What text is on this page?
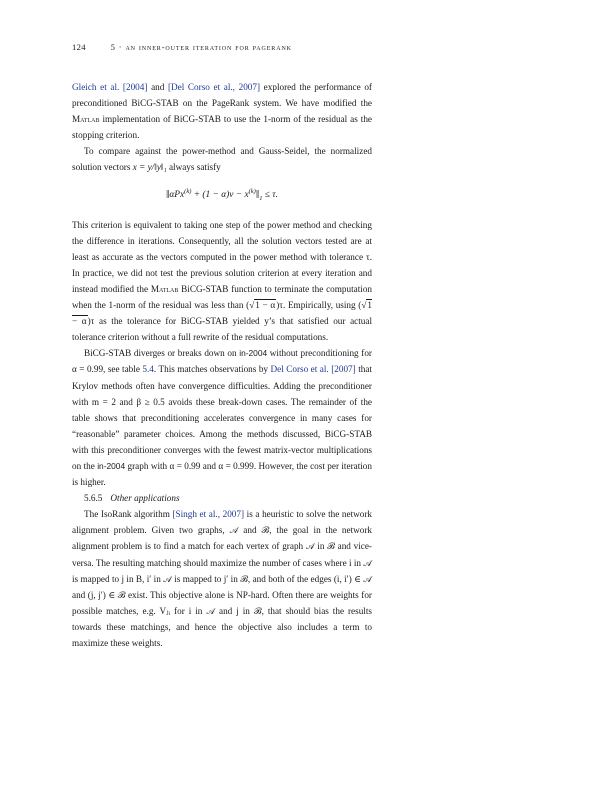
124	5 · an inner-outer iteration for pagerank

Gleich et al. [2004] and [Del Corso et al., 2007] explored the performance of preconditioned BiCG-STAB on the PageRank system. We have modified the Matlab implementation of BiCG-STAB to use the 1-norm of the residual as the stopping criterion.

To compare against the power-method and Gauss-Seidel, the normalized solution vectors x = y/‖y‖₁ always satisfy

‖αPx$^{(k)}$ + $(1 - \alpha)v - x^{(k)}‖_1 \le \tau$.

This criterion is equivalent to taking one step of the power method and checking the difference in iterations. Consequently, all the solution vectors tested are at least as accurate as the vectors computed in the power method with tolerance τ. In practice, we did not test the previous solution criterion at every iteration and instead modified the Matlab BiCG-STAB function to terminate the computation when the 1-norm of the residual was less than (√1 − α)τ. Empirically, using (√1 − α)τ as the tolerance for BiCG-STAB yielded y’s that satisfied our actual tolerance criterion without a full rewrite of the residual computations.

BiCG-STAB diverges or breaks down on in-2004 without preconditioning for α = 0.99, see table 5.4. This matches observations by Del Corso et al. [2007] that Krylov methods often have convergence difficulties. Adding the preconditioner with m = 2 and β ≥ 0.5 avoids these break-down cases. The remainder of the table shows that preconditioning accelerates convergence in many cases for “reasonable” parameter choices. Among the methods discussed, BiCG-STAB with this preconditioner converges with the fewest matrix-vector multiplications on the in-2004 graph with α = 0.99 and α = 0.999. However, the cost per iteration is higher.

5.6.5 Other applications

The IsoRank algorithm [Singh et al., 2007] is a heuristic to solve the network alignment problem. Given two graphs, 𝒜 and ℬ, the goal in the network alignment problem is to find a match for each vertex of graph 𝒜 in ℬ and vice-versa. The resulting matching should maximize the number of cases where i in 𝒜 is mapped to j in B, i′ in 𝒜 is mapped to j′ in ℬ, and both of the edges (i, i′) ∈ 𝒜 and (j, j′) ∈ ℬ exist. This objective alone is NP-hard. Often there are weights for possible matches, e.g. Vⱼᵢ for i in 𝒜 and j in ℬ, that should bias the results towards these matchings, and hence the objective also includes a term to maximize these weights.
